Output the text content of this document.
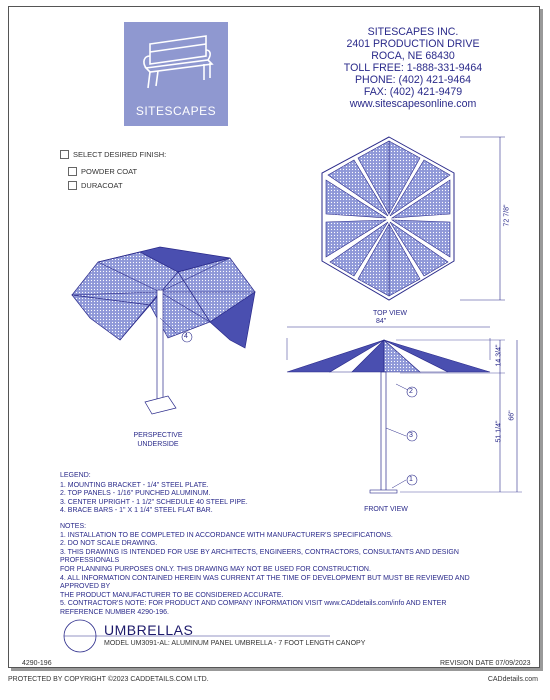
SITESCAPES
SITESCAPES INC.
2401 PRODUCTION DRIVE
ROCA, NE 68430
TOLL FREE: 1-888-331-9464
PHONE: (402) 421-9464
FAX: (402) 421-9479
www.sitescapesonline.com
SELECT DESIRED FINISH:
POWDER COAT
DURACOAT
1
2
3
4
72 7/8"
84"
14 3/4"
51 1/4"
66"
TOP VIEW
FRONT VIEW
PERSPECTIVE
UNDERSIDE
LEGEND:
1. MOUNTING BRACKET - 1/4" STEEL PLATE.
2. TOP PANELS - 1/16" PUNCHED ALUMINUM.
3. CENTER UPRIGHT - 1 1/2" SCHEDULE 40 STEEL PIPE.
4. BRACE BARS - 1" X 1 1/4" STEEL FLAT BAR.
NOTES:
1. INSTALLATION TO BE COMPLETED IN ACCORDANCE WITH MANUFACTURER'S SPECIFICATIONS.
2. DO NOT SCALE DRAWING.
3. THIS DRAWING IS INTENDED FOR USE BY ARCHITECTS, ENGINEERS, CONTRACTORS, CONSULTANTS AND DESIGN PROFESSIONALS
FOR PLANNING PURPOSES ONLY. THIS DRAWING MAY NOT BE USED FOR CONSTRUCTION.
4. ALL INFORMATION CONTAINED HEREIN WAS CURRENT AT THE TIME OF DEVELOPMENT BUT MUST BE REVIEWED AND APPROVED BY
THE PRODUCT MANUFACTURER TO BE CONSIDERED ACCURATE.
5. CONTRACTOR'S NOTE: FOR PRODUCT AND COMPANY INFORMATION VISIT www.CADdetails.com/info AND ENTER
REFERENCE NUMBER 4290-196.
UMBRELLAS
MODEL UM3091-AL: ALUMINUM PANEL UMBRELLA - 7 FOOT LENGTH CANOPY
4290-196	REVISION DATE 07/09/2023
PROTECTED BY COPYRIGHT ©2023 CADDETAILS.COM LTD.	CADdetails.com
